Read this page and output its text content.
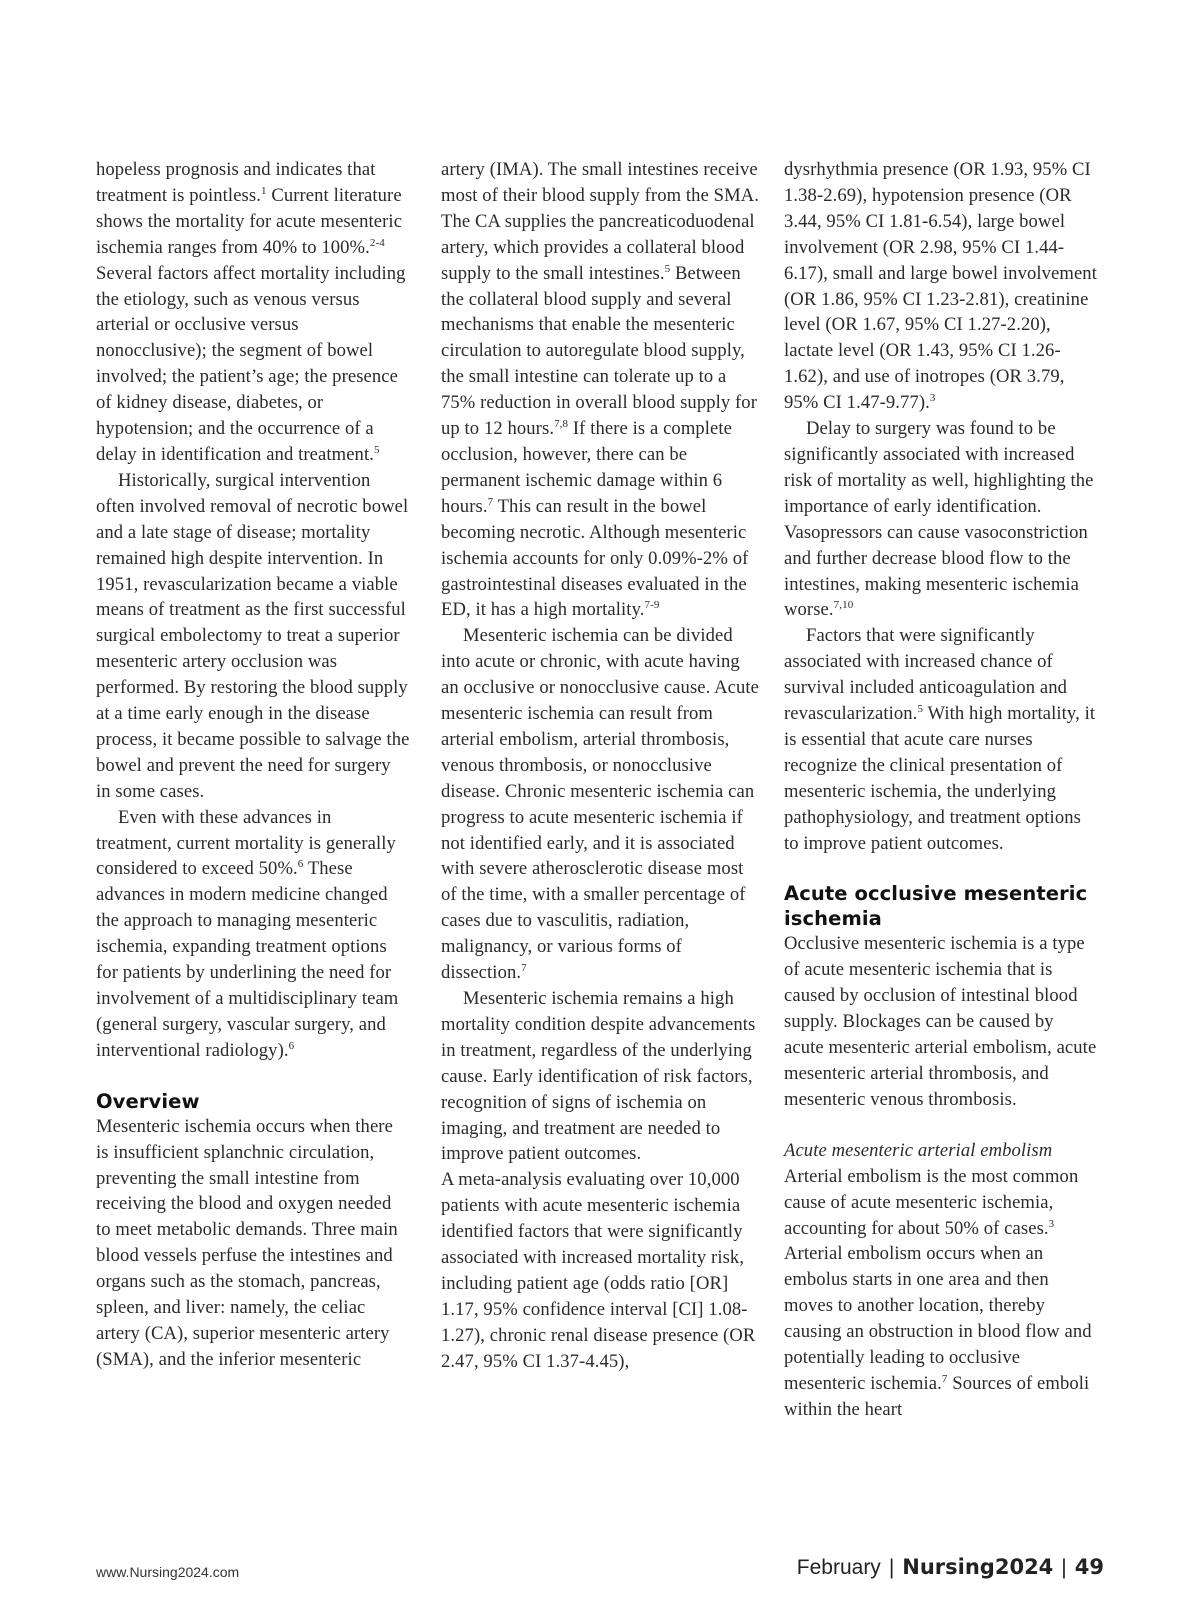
hopeless prognosis and indicates that treatment is pointless.$^1$ Current literature shows the mortality for acute mesenteric ischemia ranges from 40% to 100%.$^{2-4}$ Several factors affect mortality including the etiology, such as venous versus arterial or occlusive versus nonocclusive); the segment of bowel involved; the patient’s age; the presence of kidney disease, diabetes, or hypotension; and the occurrence of a delay in identification and treatment.$^5$

Historically, surgical intervention often involved removal of necrotic bowel and a late stage of disease; mortality remained high despite intervention. In 1951, revascularization became a viable means of treatment as the first successful surgical embolectomy to treat a superior mesenteric artery occlusion was performed. By restoring the blood supply at a time early enough in the disease process, it became possible to salvage the bowel and prevent the need for surgery in some cases.

Even with these advances in treatment, current mortality is generally considered to exceed 50%.$^6$ These advances in modern medicine changed the approach to managing mesenteric ischemia, expanding treatment options for patients by underlining the need for involvement of a multidisciplinary team (general surgery, vascular surgery, and interventional radiology).$^6$

Overview

Mesenteric ischemia occurs when there is insufficient splanchnic circulation, preventing the small intestine from receiving the blood and oxygen needed to meet metabolic demands. Three main blood vessels perfuse the intestines and organs such as the stomach, pancreas, spleen, and liver: namely, the celiac artery (CA), superior mesenteric artery (SMA), and the inferior mesenteric

artery (IMA). The small intestines receive most of their blood supply from the SMA. The CA supplies the pancreaticoduodenal artery, which provides a collateral blood supply to the small intestines.$^5$ Between the collateral blood supply and several mechanisms that enable the mesenteric circulation to autoregulate blood supply, the small intestine can tolerate up to a 75% reduction in overall blood supply for up to 12 hours.$^{7,8}$ If there is a complete occlusion, however, there can be permanent ischemic damage within 6 hours.$^7$ This can result in the bowel becoming necrotic. Although mesenteric ischemia accounts for only 0.09%-2% of gastrointestinal diseases evaluated in the ED, it has a high mortality.$^{7-9}$

Mesenteric ischemia can be divided into acute or chronic, with acute having an occlusive or nonocclusive cause. Acute mesenteric ischemia can result from arterial embolism, arterial thrombosis, venous thrombosis, or nonocclusive disease. Chronic mesenteric ischemia can progress to acute mesenteric ischemia if not identified early, and it is associated with severe atherosclerotic disease most of the time, with a smaller percentage of cases due to vasculitis, radiation, malignancy, or various forms of dissection.$^7$

Mesenteric ischemia remains a high mortality condition despite advancements in treatment, regardless of the underlying cause. Early identification of risk factors, recognition of signs of ischemia on imaging, and treatment are needed to improve patient outcomes.

A meta-analysis evaluating over 10,000 patients with acute mesenteric ischemia identified factors that were significantly associated with increased mortality risk, including patient age (odds ratio [OR] 1.17, 95% confidence interval [CI] 1.08-1.27), chronic renal disease presence (OR 2.47, 95% CI 1.37-4.45),

dysrhythmia presence (OR 1.93, 95% CI 1.38-2.69), hypotension presence (OR 3.44, 95% CI 1.81-6.54), large bowel involvement (OR 2.98, 95% CI 1.44-6.17), small and large bowel involvement (OR 1.86, 95% CI 1.23-2.81), creatinine level (OR 1.67, 95% CI 1.27-2.20), lactate level (OR 1.43, 95% CI 1.26-1.62), and use of inotropes (OR 3.79, 95% CI 1.47-9.77).$^3$

Delay to surgery was found to be significantly associated with increased risk of mortality as well, highlighting the importance of early identification. Vasopressors can cause vasoconstriction and further decrease blood flow to the intestines, making mesenteric ischemia worse.$^{7,10}$

Factors that were significantly associated with increased chance of survival included anticoagulation and revascularization.$^5$ With high mortality, it is essential that acute care nurses recognize the clinical presentation of mesenteric ischemia, the underlying pathophysiology, and treatment options to improve patient outcomes.

Acute occlusive mesenteric ischemia

Occlusive mesenteric ischemia is a type of acute mesenteric ischemia that is caused by occlusion of intestinal blood supply. Blockages can be caused by acute mesenteric arterial embolism, acute mesenteric arterial thrombosis, and mesenteric venous thrombosis.

Acute mesenteric arterial embolism

Arterial embolism is the most common cause of acute mesenteric ischemia, accounting for about 50% of cases.$^3$ Arterial embolism occurs when an embolus starts in one area and then moves to another location, thereby causing an obstruction in blood flow and potentially leading to occlusive mesenteric ischemia.$^7$ Sources of emboli within the heart

www.Nursing2024.com	February | Nursing2024 | 49
